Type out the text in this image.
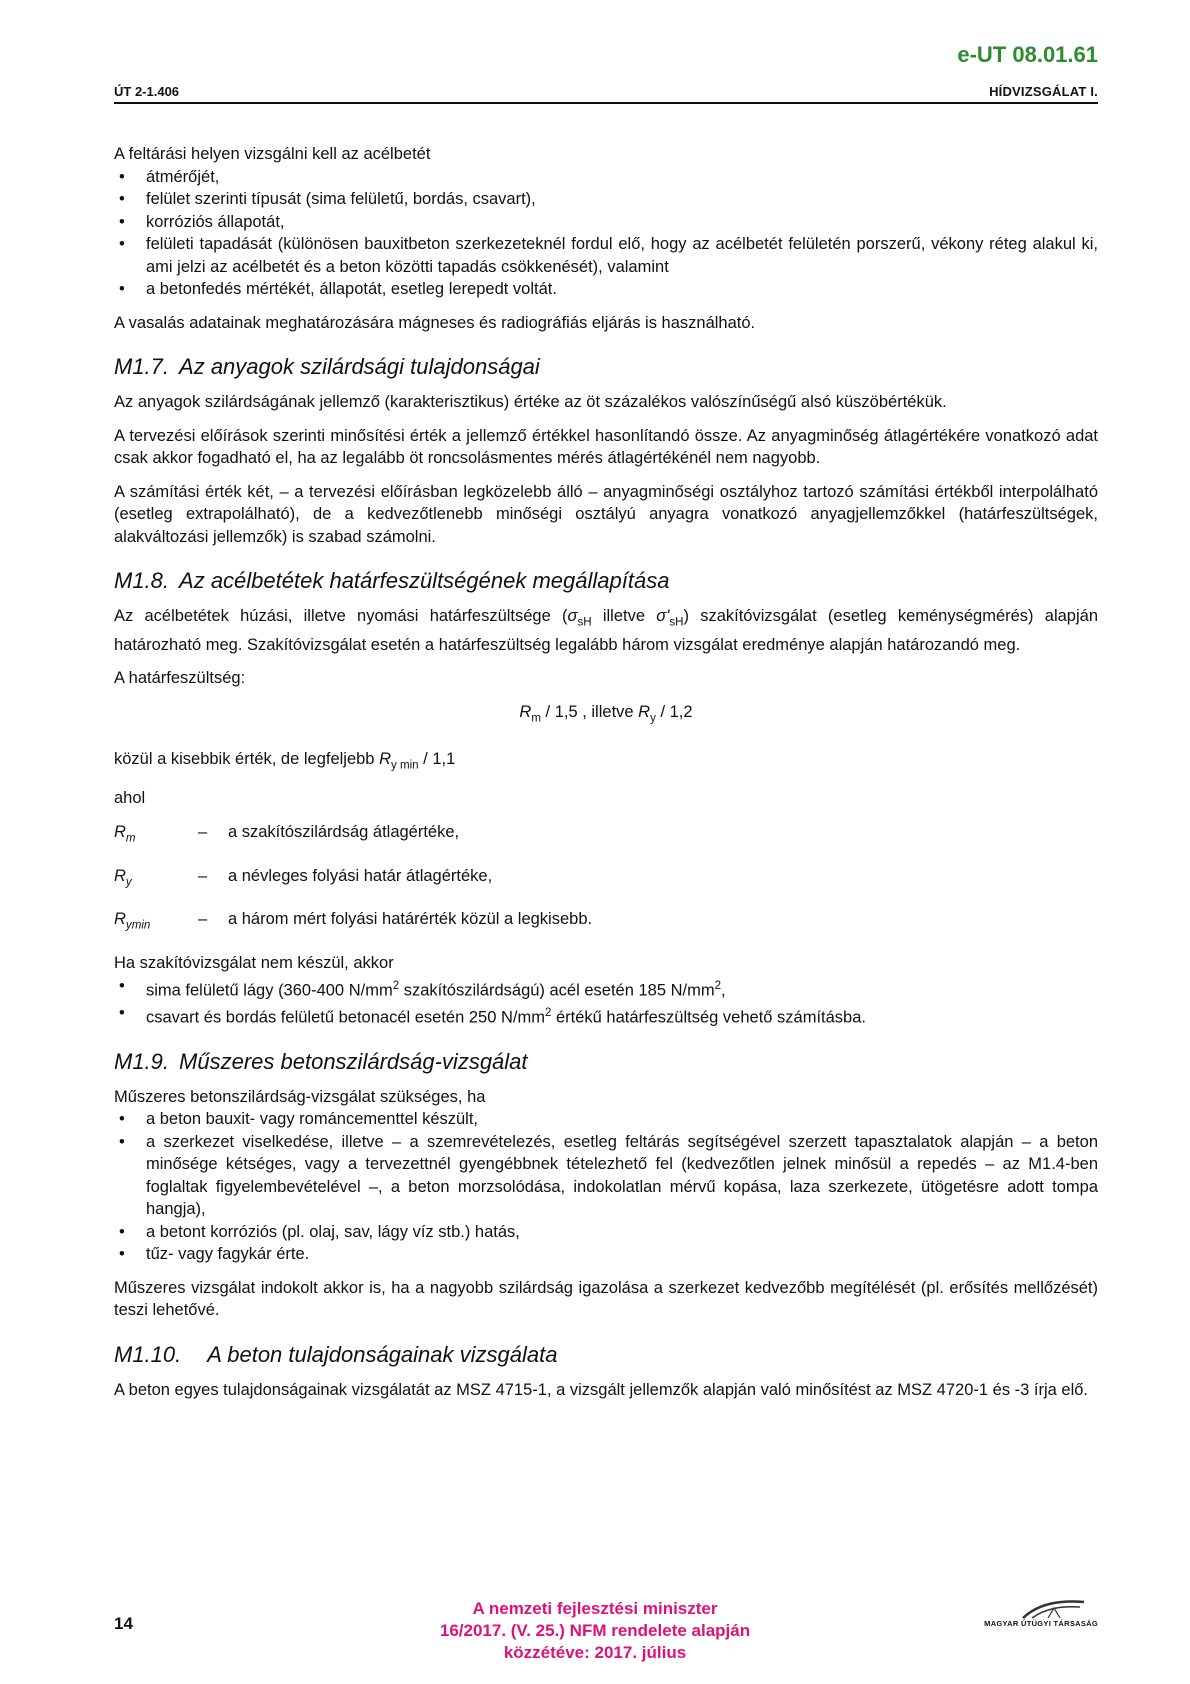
e-UT 08.01.61
ÚT 2-1.406	HÍDVIZSGÁLAT I.
A feltárási helyen vizsgálni kell az acélbetét
• átmérőjét,
• felület szerinti típusát (sima felületű, bordás, csavart),
• korróziós állapotát,
• felületi tapadását (különösen bauxitbeton szerkezeteknél fordul elő, hogy az acélbetét felületén porszerű, vékony réteg alakul ki, ami jelzi az acélbetét és a beton közötti tapadás csökkenését), valamint
• a betonfedés mértékét, állapotát, esetleg lerepedt voltát.

A vasalás adatainak meghatározására mágneses és radiográfiás eljárás is használható.

M1.7. Az anyagok szilárdsági tulajdonságai

Az anyagok szilárdságának jellemző (karakterisztikus) értéke az öt százalékos valószínűségű alsó küszöbértékük.

A tervezési előírások szerinti minősítési érték a jellemző értékkel hasonlítandó össze. Az anyagminőség átlagértékére vonatkozó adat csak akkor fogadható el, ha az legalább öt roncsolásmentes mérés átlagértékénél nem nagyobb.

A számítási érték két, – a tervezési előírásban legközelebb álló – anyagminőségi osztályhoz tartozó számítási értékből interpolálható (esetleg extrapolálható), de a kedvezőtlenebb minőségi osztályú anyagra vonatkozó anyagjellemzőkkel (határfeszültségek, alakváltozási jellemzők) is szabad számolni.

M1.8. Az acélbetétek határfeszültségének megállapítása

Az acélbetétek húzási, illetve nyomási határfeszültsége ($\sigma_{sH}$ illetve $\sigma'_{sH}$) szakítóvizsgálat (esetleg keménységmérés) alapján határozható meg. Szakítóvizsgálat esetén a határfeszültség legalább három vizsgálat eredménye alapján határozandó meg.

A határfeszültség:

$R_m / 1,5$ , illetve $R_y / 1,2$

közül a kisebbik érték, de legfeljebb $R_{y min} / 1,1$

ahol

$R_m$	–	a szakítószilárdság átlagértéke,
$R_y$	–	a névleges folyási határ átlagértéke,
$R_{ymin}$	–	a három mért folyási határérték közül a legkisebb.
Ha szakítóvizsgálat nem készül, akkor
• sima felületű lágy (360-400 $N/mm^2$ szakítószilárdságú) acél esetén 185 $N/mm^2$,
• csavart és bordás felületű betonacél esetén 250 $N/mm^2$ értékű határfeszültség vehető számításba.
M1.9. Műszeres betonszilárdság-vizsgálat
Műszeres betonszilárdság-vizsgálat szükséges, ha
• a beton bauxit- vagy románcementtel készült,
• a szerkezet viselkedése, illetve – a szemrevételezés, esetleg feltárás segítségével szerzett tapasztalatok alapján – a beton minősége kétséges, vagy a tervezettnél gyengébbnek tételezhető fel (kedvezőtlen jelnek minősül a repedés – az M1.4-ben foglaltak figyelembevételével –, a beton morzsolódása, indokolatlan mérvű kopása, laza szerkezete, ütögetésre adott tompa hangja),
• a betont korróziós (pl. olaj, sav, lágy víz stb.) hatás,
• tűz- vagy fagykár érte.

Műszeres vizsgálat indokolt akkor is, ha a nagyobb szilárdság igazolása a szerkezet kedvezőbb megítélését (pl. erősítés mellőzését) teszi lehetővé.

M1.10. A beton tulajdonságainak vizsgálata

A beton egyes tulajdonságainak vizsgálatát az MSZ 4715-1, a vizsgált jellemzők alapján való minősítést az MSZ 4720-1 és -3 írja elő.

14
A nemzeti fejlesztési miniszter
16/2017. (V. 25.) NFM rendelete alapján
közzétéve: 2017. július
MAGYAR ÚTÜGYI TÁRSASÁG
